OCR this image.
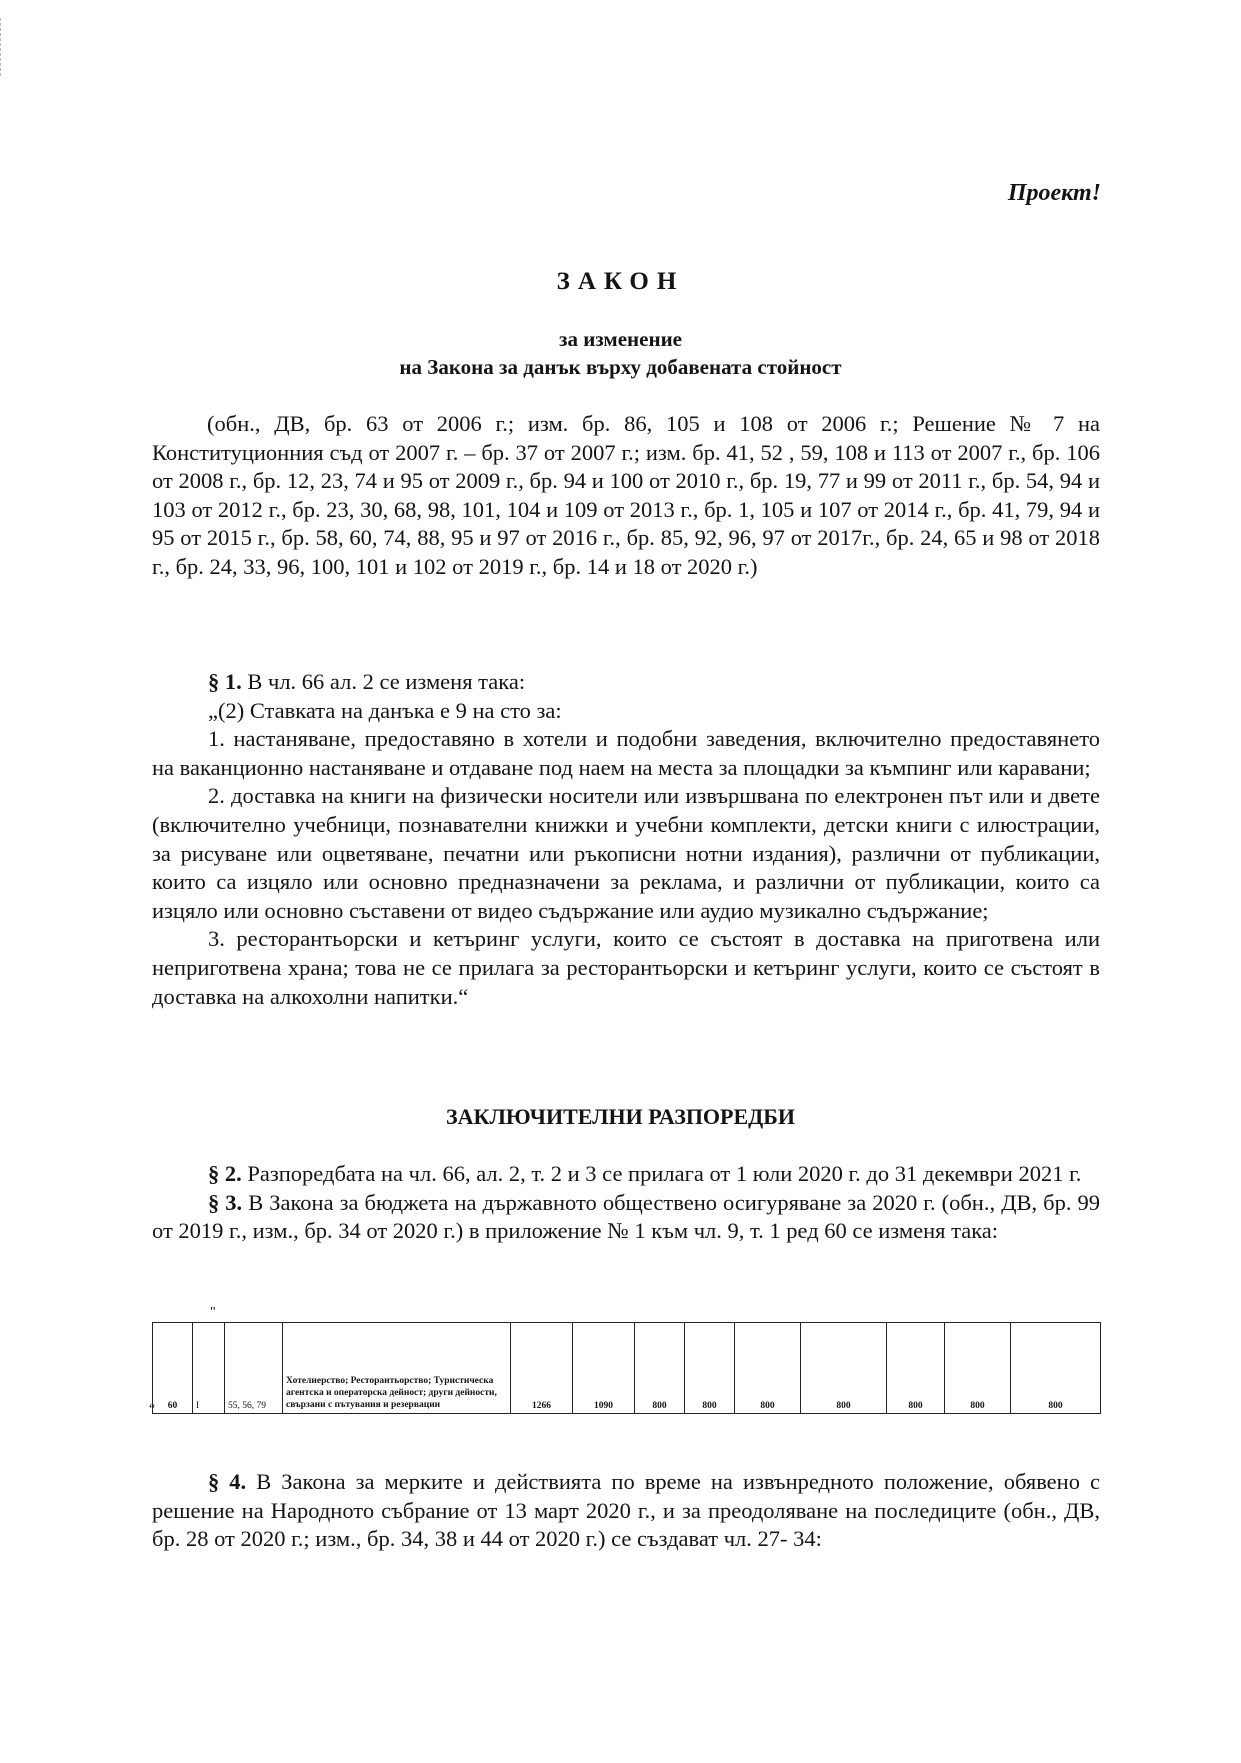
Проект!
ЗАКОН
за изменение
на Закона за данък върху добавената стойност

(обн., ДВ, бр. 63 от 2006 г.; изм. бр. 86, 105 и 108 от 2006 г.; Решение № 7 на Конституционния съд от 2007 г. – бр. 37 от 2007 г.; изм. бр. 41, 52 , 59, 108 и 113 от 2007 г., бр. 106 от 2008 г., бр. 12, 23, 74 и 95 от 2009 г., бр. 94 и 100 от 2010 г., бр. 19, 77 и 99 от 2011 г., бр. 54, 94 и 103 от 2012 г., бр. 23, 30, 68, 98, 101, 104 и 109 от 2013 г., бр. 1, 105 и 107 от 2014 г., бр. 41, 79, 94 и 95 от 2015 г., бр. 58, 60, 74, 88, 95 и 97 от 2016 г., бр. 85, 92, 96, 97 от 2017г., бр. 24, 65 и 98 от 2018 г., бр. 24, 33, 96, 100, 101 и 102 от 2019 г., бр. 14 и 18 от 2020 г.)

§ 1. В чл. 66 ал. 2 се изменя така:

„(2) Ставката на данъка е 9 на сто за:

1. настаняване, предоставяно в хотели и подобни заведения, включително предоставянето на ваканционно настаняване и отдаване под наем на места за площадки за къмпинг или каравани;

2. доставка на книги на физически носители или извършвана по електронен път или и двете (включително учебници, познавателни книжки и учебни комплекти, детски книги с илюстрации, за рисуване или оцветяване, печатни или ръкописни нотни издания), различни от публикации, които са изцяло или основно предназначени за реклама, и различни от публикации, които са изцяло или основно съставени от видео съдържание или аудио музикално съдържание;

3. ресторантьорски и кетъринг услуги, които се състоят в доставка на приготвена или неприготвена храна; това не се прилага за ресторантьорски и кетъринг услуги, които се състоят в доставка на алкохолни напитки.“

ЗАКЛЮЧИТЕЛНИ РАЗПОРЕДБИ

§ 2. Разпоредбата на чл. 66, ал. 2, т. 2 и 3 се прилага от 1 юли 2020 г. до 31 декември 2021 г.

§ 3. В Закона за бюджета на държавното обществено осигуряване за 2020 г. (обн., ДВ, бр. 99 от 2019 г., изм., бр. 34 от 2020 г.) в приложение № 1 към чл. 9, т. 1 ред 60 се изменя така:

"
60	I	55, 56, 79	Хотелиерство; Ресторантьорство; Туристическа агентска и операторска дейност; други дейности, свързани с пътувания и резервации	1266	1090	800	800	800	800	800	800	800
“

§ 4. В Закона за мерките и действията по време на извънредното положение, обявено с решение на Народното събрание от 13 март 2020 г., и за преодоляване на последиците (обн., ДВ, бр. 28 от 2020 г.; изм., бр. 34, 38 и 44 от 2020 г.) се създават чл. 27- 34:
